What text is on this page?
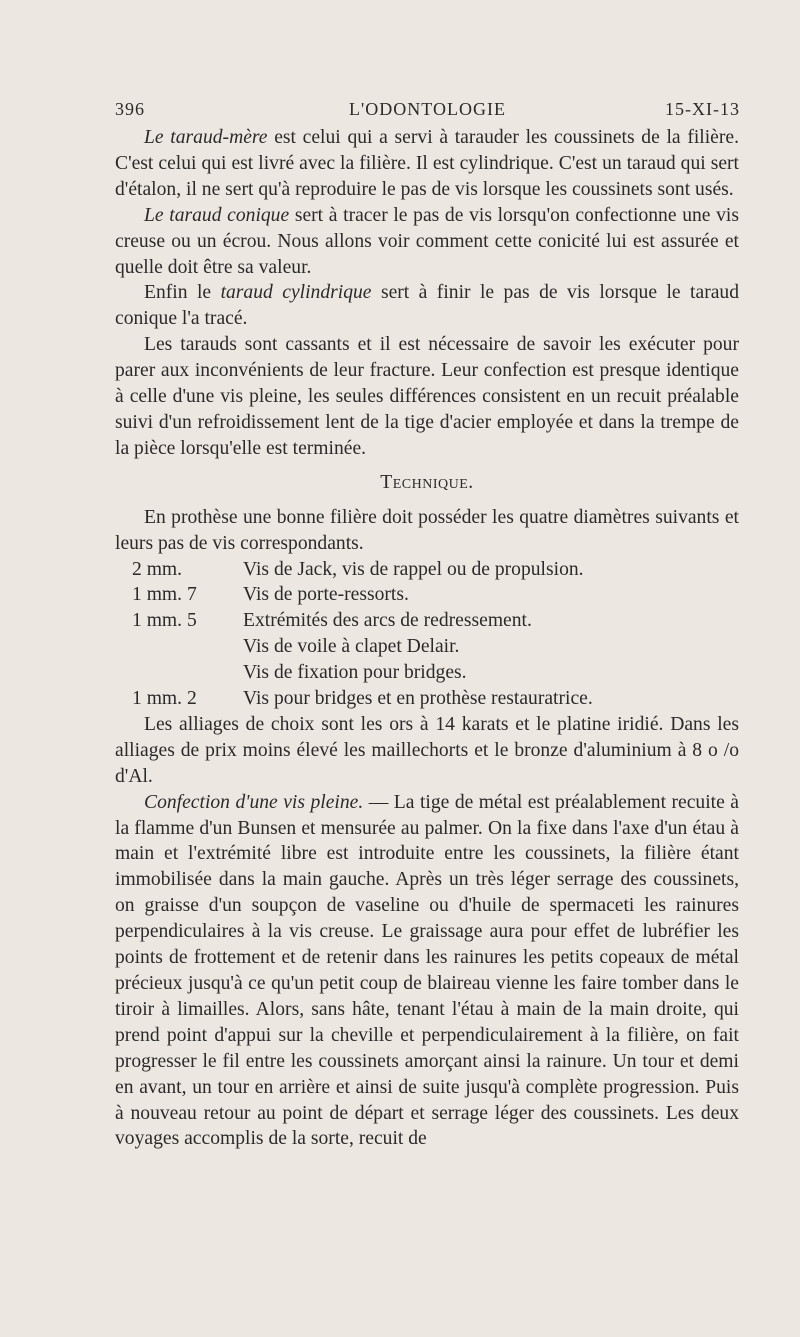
396	L'ODONTOLOGIE	15-XI-13

Le taraud-mère est celui qui a servi à tarauder les coussinets de la filière. C'est celui qui est livré avec la filière. Il est cylindrique. C'est un taraud qui sert d'étalon, il ne sert qu'à reproduire le pas de vis lorsque les coussinets sont usés.

Le taraud conique sert à tracer le pas de vis lorsqu'on confectionne une vis creuse ou un écrou. Nous allons voir comment cette conicité lui est assurée et quelle doit être sa valeur.

Enfin le taraud cylindrique sert à finir le pas de vis lorsque le taraud conique l'a tracé.

Les tarauds sont cassants et il est nécessaire de savoir les exécuter pour parer aux inconvénients de leur fracture. Leur confection est presque identique à celle d'une vis pleine, les seules différences consistent en un recuit préalable suivi d'un refroidissement lent de la tige d'acier employée et dans la trempe de la pièce lorsqu'elle est terminée.

Technique.

En prothèse une bonne filière doit posséder les quatre diamètres suivants et leurs pas de vis correspondants.

2 mm.	Vis de Jack, vis de rappel ou de propulsion.
1 mm. 7	Vis de porte-ressorts.
1 mm. 5	Extrémités des arcs de redressement.
Vis de voile à clapet Delair.
Vis de fixation pour bridges.
1 mm. 2	Vis pour bridges et en prothèse restauratrice.

Les alliages de choix sont les ors à 14 karats et le platine iridié. Dans les alliages de prix moins élevé les maillechorts et le bronze d'aluminium à 8 o /o d'Al.

Confection d'une vis pleine. — La tige de métal est préalablement recuite à la flamme d'un Bunsen et mensurée au palmer. On la fixe dans l'axe d'un étau à main et l'extrémité libre est introduite entre les coussinets, la filière étant immobilisée dans la main gauche. Après un très léger serrage des coussinets, on graisse d'un soupçon de vaseline ou d'huile de spermaceti les rainures perpendiculaires à la vis creuse. Le graissage aura pour effet de lubréfier les points de frottement et de retenir dans les rainures les petits copeaux de métal précieux jusqu'à ce qu'un petit coup de blaireau vienne les faire tomber dans le tiroir à limailles. Alors, sans hâte, tenant l'étau à main de la main droite, qui prend point d'appui sur la cheville et perpendiculairement à la filière, on fait progresser le fil entre les coussinets amorçant ainsi la rainure. Un tour et demi en avant, un tour en arrière et ainsi de suite jusqu'à complète progression. Puis à nouveau retour au point de départ et serrage léger des coussinets. Les deux voyages accomplis de la sorte, recuit de
